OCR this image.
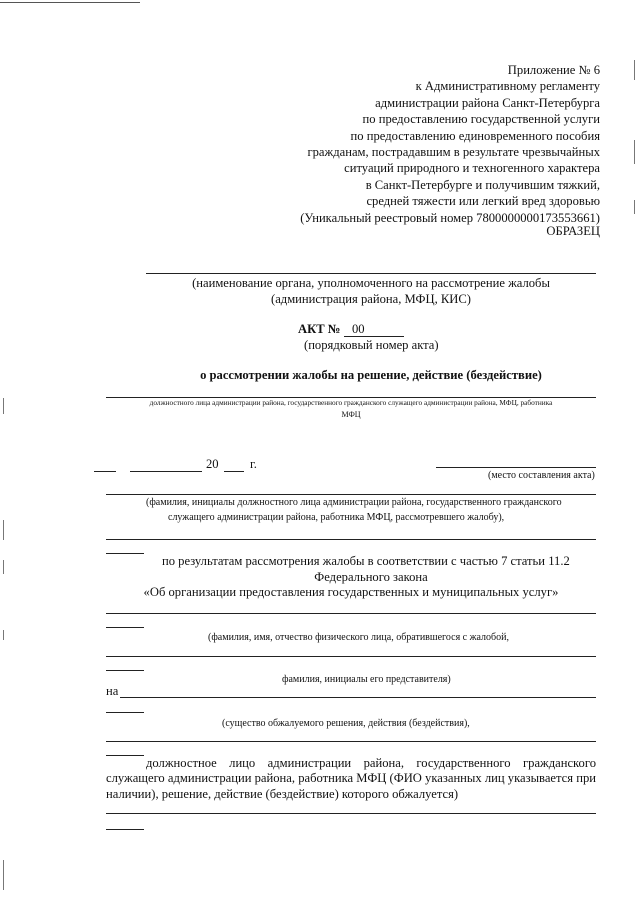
Приложение № 6
к Административному регламенту
администрации района Санкт-Петербурга
по предоставлению государственной услуги
по предоставлению единовременного пособия
гражданам, пострадавшим в результате чрезвычайных
ситуаций природного и техногенного характера
в Санкт-Петербурге и получившим тяжкий,
средней тяжести или легкий вред здоровью
(Уникальный реестровый номер 7800000000173553661)
ОБРАЗЕЦ
(наименование органа, уполномоченного на рассмотрение жалобы
(администрация района, МФЦ, КИС)
АКТ № 00
(порядковый номер акта)
о рассмотрении жалобы на решение, действие (бездействие)
должностного лица администрации района, государственного гражданского служащего администрации района, МФЦ, работника
МФЦ
20 г.
(место составления акта)
(фамилия, инициалы должностного лица администрации района, государственного гражданского
служащего администрации района, работника МФЦ, рассмотревшего жалобу),
по результатам рассмотрения жалобы в соответствии с частью 7 статьи 11.2
Федерального закона
«Об организации предоставления государственных и муниципальных услуг»
(фамилия, имя, отчество физического лица, обратившегося с жалобой,
фамилия, инициалы его представителя)
на
(существо обжалуемого решения, действия (бездействия),
должностное лицо администрации района, государственного гражданского служащего администрации района, работника МФЦ (ФИО указанных лиц указывается при наличии), решение, действие (бездействие) которого обжалуется)
